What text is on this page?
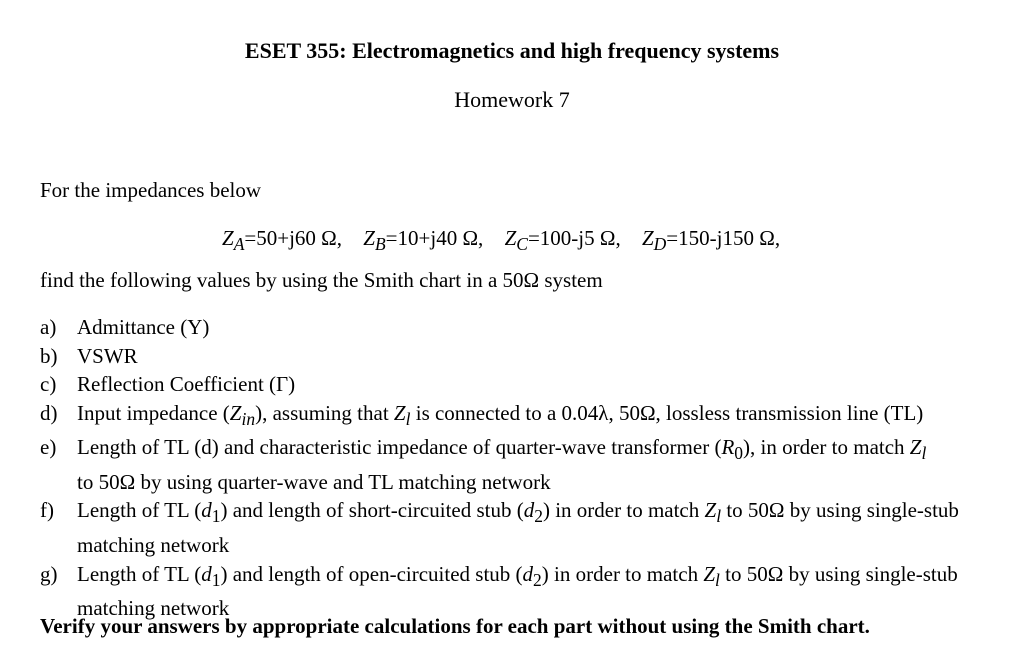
ESET 355: Electromagnetics and high frequency systems
Homework 7
For the impedances below
$Z_A=50+j60$ Ω, $Z_B=10+j40$ Ω, $Z_C=100-j5$ Ω, $Z_D=150-j150$ Ω,
find the following values by using the Smith chart in a 50Ω system
a) Admittance (Y)
b) VSWR
c) Reflection Coefficient (Γ)
d) Input impedance $(Z_{in})$, assuming that $Z_l$ is connected to a 0.04λ, 50Ω, lossless transmission line (TL)
e) Length of TL (d) and characteristic impedance of quarter-wave transformer $(R_0)$, in order to match $Z_l$
to 50Ω by using quarter-wave and TL matching network
f)	Length of TL $(d_1)$ and length of short-circuited stub $(d_2)$ in order to match $Z_l$ to 50Ω by using single-stub matching network
g) Length of TL $(d_1)$ and length of open-circuited stub $(d_2)$ in order to match $Z_l$ to 50Ω by using single-stub matching network
Verify your answers by appropriate calculations for each part without using the Smith chart.
